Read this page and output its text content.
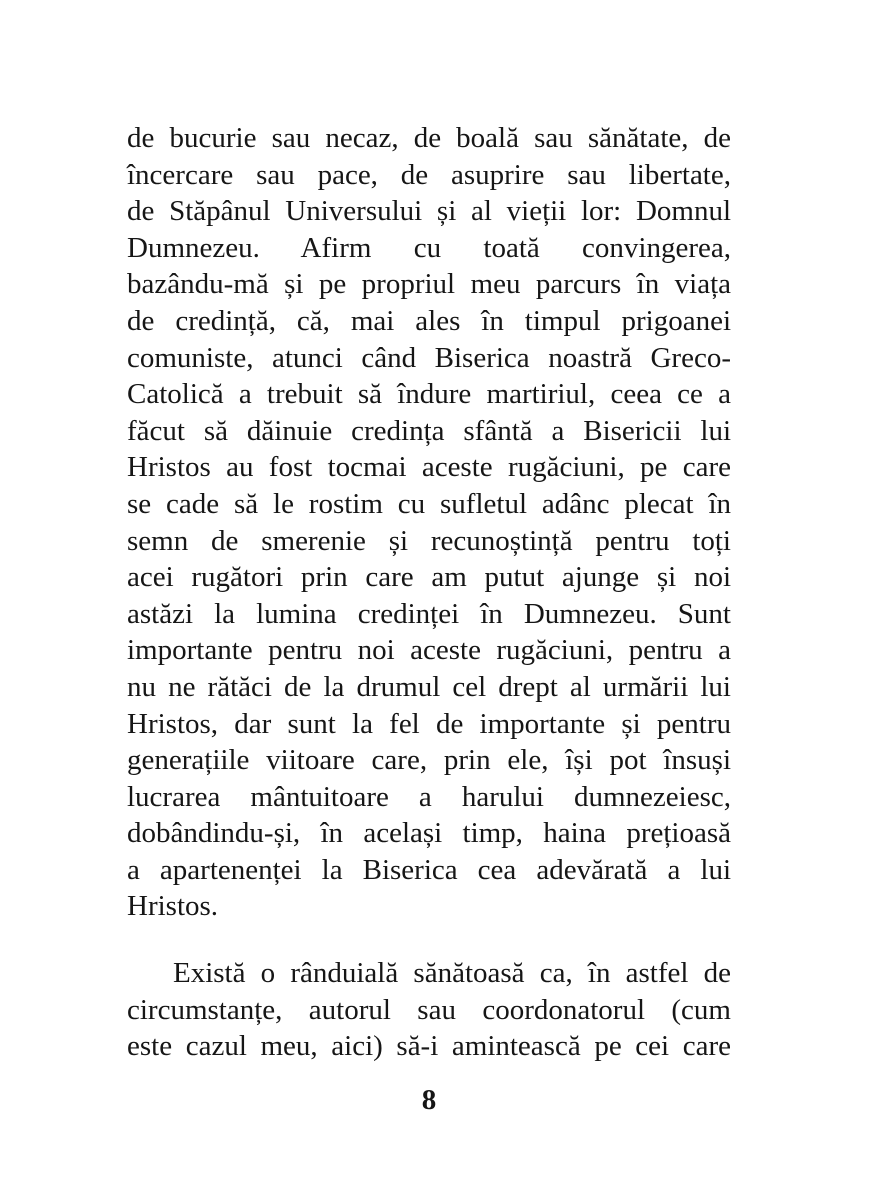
de bucurie sau necaz, de boală sau sănătate, de
încercare sau pace, de asuprire sau libertate,
de Stăpânul Universului și al vieții lor: Domnul
Dumnezeu. Afirm cu toată convingerea,
bazându-mă și pe propriul meu parcurs în viața
de credință, că, mai ales în timpul prigoanei
comuniste, atunci când Biserica noastră Greco-
Catolică a trebuit să îndure martiriul, ceea ce a
făcut să dăinuie credința sfântă a Bisericii lui
Hristos au fost tocmai aceste rugăciuni, pe care
se cade să le rostim cu sufletul adânc plecat în
semn de smerenie și recunoștință pentru toți
acei rugători prin care am putut ajunge și noi
astăzi la lumina credinței în Dumnezeu. Sunt
importante pentru noi aceste rugăciuni, pentru a
nu ne rătăci de la drumul cel drept al urmării lui
Hristos, dar sunt la fel de importante și pentru
generațiile viitoare care, prin ele, își pot însuși
lucrarea mântuitoare a harului dumnezeiesc,
dobândindu-și, în același timp, haina prețioasă
a apartenenței la Biserica cea adevărată a lui
Hristos.
Există o rânduială sănătoasă ca, în astfel de
circumstanțe, autorul sau coordonatorul (cum
este cazul meu, aici) să-i amintească pe cei care
8
